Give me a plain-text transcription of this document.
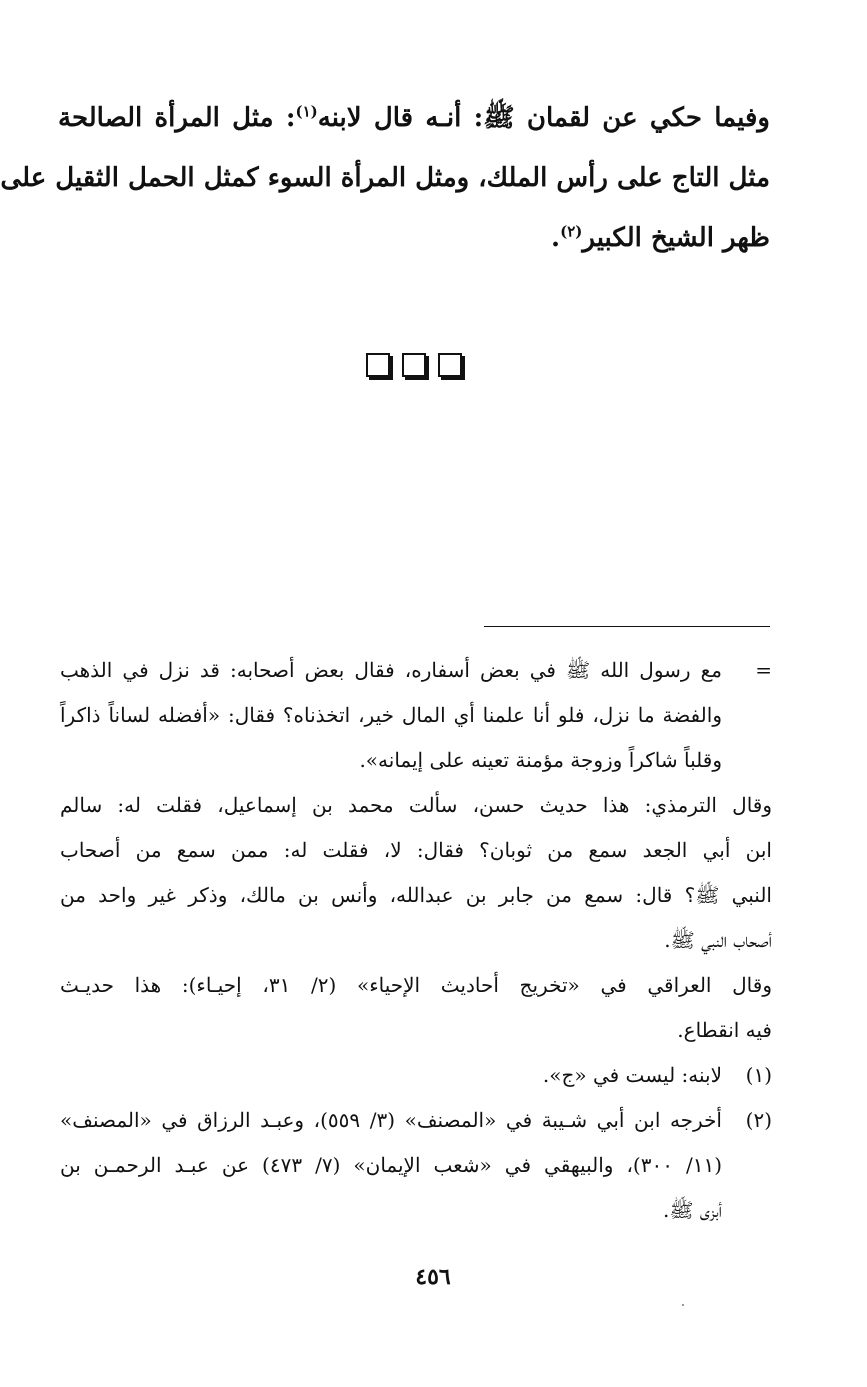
وفيما حكي عن لقمان ﷺ: أنـه قال لابنه$^{(١)}$: مثل المرأة الصالحة
مثل التاج على رأس الملك، ومثل المرأة السوء كمثل الحمل الثقيل على
ظهر الشيخ الكبير$^{(٢)}$.
=مع رسول الله ﷺ في بعض أسفاره، فقال بعض أصحابه: قد نزل في الذهب
والفضة ما نزل، فلو أنا علمنا أي المال خير، اتخذناه؟ فقال: «أفضله لساناً ذاكراً
وقلباً شاكراً وزوجة مؤمنة تعينه على إيمانه».
وقال الترمذي: هذا حديث حسن، سألت محمد بن إسماعيل، فقلت له: سالم
ابن أبي الجعد سمع من ثوبان؟ فقال: لا، فقلت له: ممن سمع من أصحاب
النبي ﷺ؟ قال: سمع من جابر بن عبدالله، وأنس بن مالك، وذكر غير واحد من
أصحاب النبي ﷺ.
وقال العراقي في «تخريج أحاديث الإحياء» (٢/ ٣١، إحيـاء): هذا حديـث
فيه انقطاع.
(١)لابنه: ليست في «ج».
(٢)أخرجه ابن أبي شـيبة في «المصنف» (٣/ ٥٥٩)، وعبـد الرزاق في «المصنف»
(١١/ ٣٠٠)، والبيهقي في «شعب الإيمان» (٧/ ٤٧٣) عن عبـد الرحمـن بن
أبزى ﷺ.
٤٥٦
